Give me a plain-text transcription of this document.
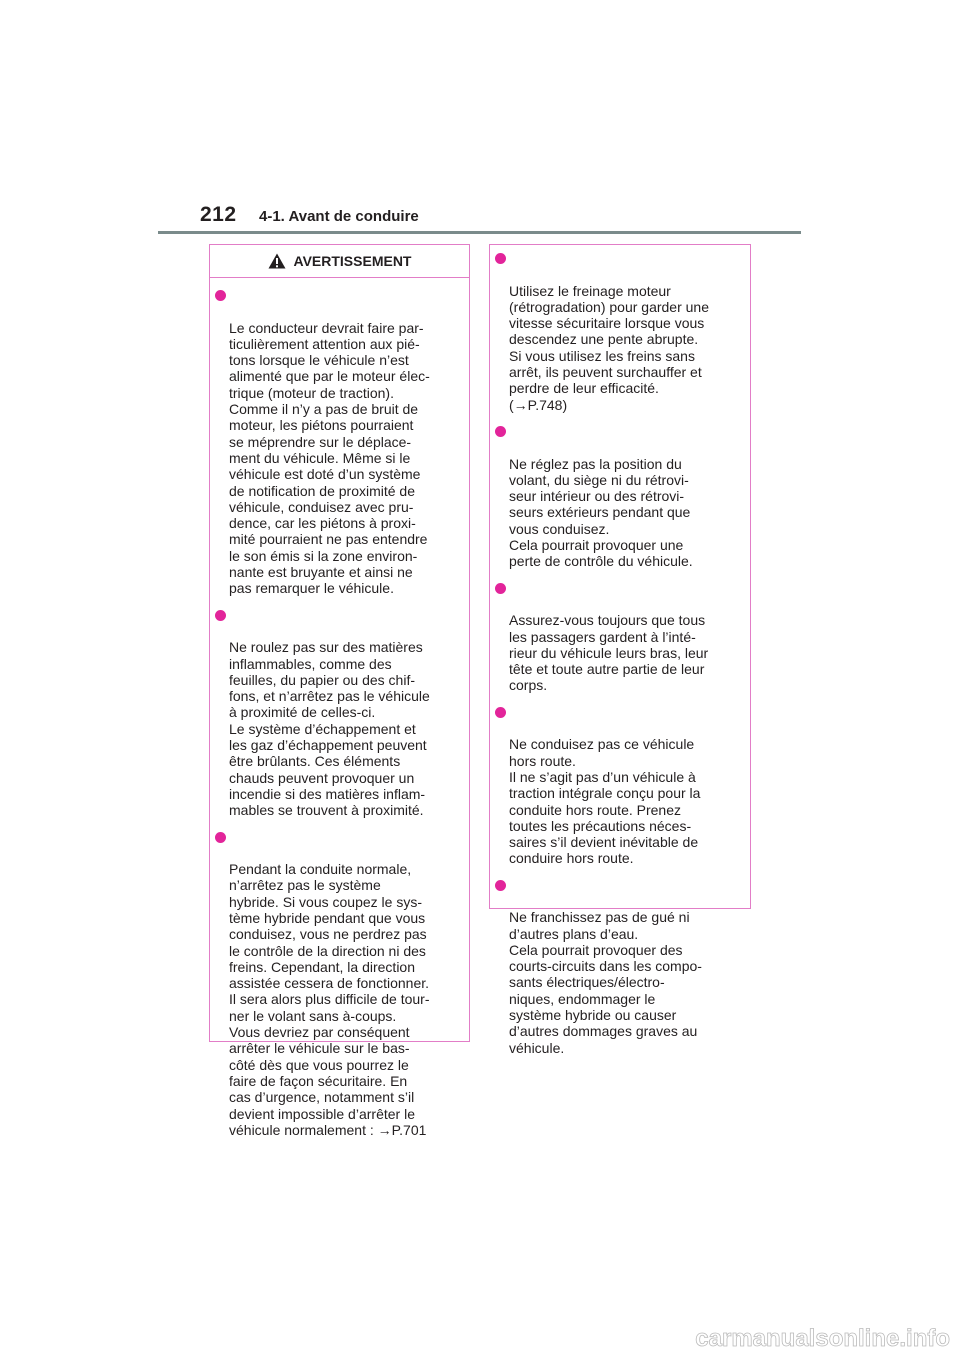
212 4-1. Avant de conduire
AVERTISSEMENT

Le conducteur devrait faire par-
ticulièrement attention aux pié-
tons lorsque le véhicule n’est
alimenté que par le moteur élec-
trique (moteur de traction).
Comme il n’y a pas de bruit de
moteur, les piétons pourraient
se méprendre sur le déplace-
ment du véhicule. Même si le
véhicule est doté d’un système
de notification de proximité de
véhicule, conduisez avec pru-
dence, car les piétons à proxi-
mité pourraient ne pas entendre
le son émis si la zone environ-
nante est bruyante et ainsi ne
pas remarquer le véhicule.

Ne roulez pas sur des matières
inflammables, comme des
feuilles, du papier ou des chif-
fons, et n’arrêtez pas le véhicule
à proximité de celles-ci.
Le système d’échappement et
les gaz d’échappement peuvent
être brûlants. Ces éléments
chauds peuvent provoquer un
incendie si des matières inflam-
mables se trouvent à proximité.

Pendant la conduite normale,
n’arrêtez pas le système
hybride. Si vous coupez le sys-
tème hybride pendant que vous
conduisez, vous ne perdrez pas
le contrôle de la direction ni des
freins. Cependant, la direction
assistée cessera de fonctionner.
Il sera alors plus difficile de tour-
ner le volant sans à-coups.
Vous devriez par conséquent
arrêter le véhicule sur le bas-
côté dès que vous pourrez le
faire de façon sécuritaire. En
cas d’urgence, notamment s’il
devient impossible d’arrêter le
véhicule normalement : →P.701

Utilisez le freinage moteur
(rétrogradation) pour garder une
vitesse sécuritaire lorsque vous
descendez une pente abrupte.
Si vous utilisez les freins sans
arrêt, ils peuvent surchauffer et
perdre de leur efficacité.
(→P.748)

Ne réglez pas la position du
volant, du siège ni du rétrovi-
seur intérieur ou des rétrovi-
seurs extérieurs pendant que
vous conduisez.
Cela pourrait provoquer une
perte de contrôle du véhicule.

Assurez-vous toujours que tous
les passagers gardent à l’inté-
rieur du véhicule leurs bras, leur
tête et toute autre partie de leur
corps.

Ne conduisez pas ce véhicule
hors route.
Il ne s’agit pas d’un véhicule à
traction intégrale conçu pour la
conduite hors route. Prenez
toutes les précautions néces-
saires s’il devient inévitable de
conduire hors route.

Ne franchissez pas de gué ni
d’autres plans d’eau.
Cela pourrait provoquer des
courts-circuits dans les compo-
sants électriques/électro-
niques, endommager le
système hybride ou causer
d’autres dommages graves au
véhicule.

carmanualsonline.info
